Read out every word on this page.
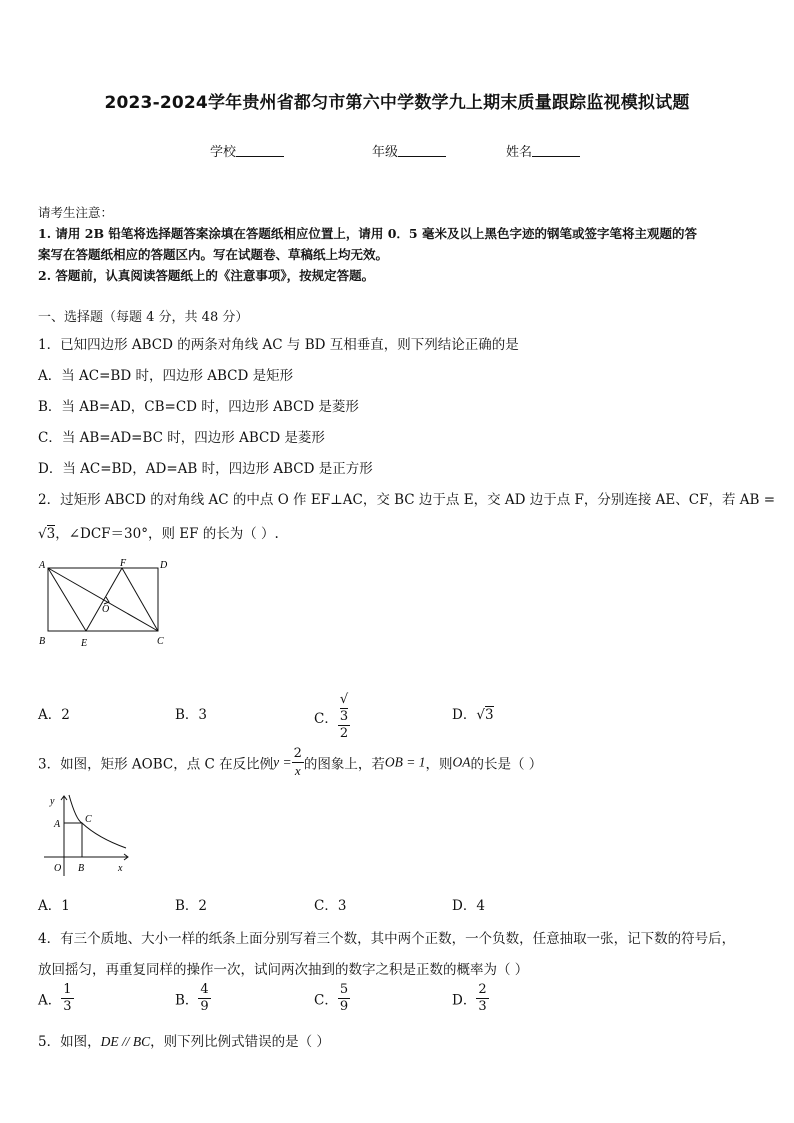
2023-2024学年贵州省都匀市第六中学数学九上期末质量跟踪监视模拟试题
学校	年级	姓名
请考生注意：
1. 请用 2B 铅笔将选择题答案涂填在答题纸相应位置上，请用 0．5 毫米及以上黑色字迹的钢笔或签字笔将主观题的答
案写在答题纸相应的答题区内。写在试题卷、草稿纸上均无效。
2. 答题前，认真阅读答题纸上的《注意事项》，按规定答题。
一、选择题（每题 4 分，共 48 分）
1．已知四边形 ABCD 的两条对角线 AC 与 BD 互相垂直，则下列结论正确的是
A．当 AC=BD 时，四边形 ABCD 是矩形
B．当 AB=AD，CB=CD 时，四边形 ABCD 是菱形
C．当 AB=AD=BC 时，四边形 ABCD 是菱形
D．当 AC=BD，AD=AB 时，四边形 ABCD 是正方形
2．过矩形 ABCD 的对角线 AC 的中点 O 作 EF⊥AC，交 BC 边于点 E，交 AD 边于点 F，分别连接 AE、CF，若 AB =
√3，∠DCF＝30°，则 EF 的长为（ ）.
A	F	D
O
B	E	C
A．2	B．3	C． √
3
2	D．√3
3．如图，矩形 AOBC，点 C 在反比例$y = \frac{2}{x}$ 的图象上，若OB = 1，则OA的长是（ ）
y
A C
O B	x
A．1	B．2	C．3	D．4
4．有三个质地、大小一样的纸条上面分别写着三个数，其中两个正数，一个负数，任意抽取一张，记下数的符号后，
放回摇匀，再重复同样的操作一次，试问两次抽到的数字之积是正数的概率为（ ）
A． $\frac{1}{3}$	B． $\frac{4}{9}$	C． $\frac{5}{9}$	D． $\frac{2}{3}$
5．如图，DE // BC，则下列比例式错误的是（ ）
